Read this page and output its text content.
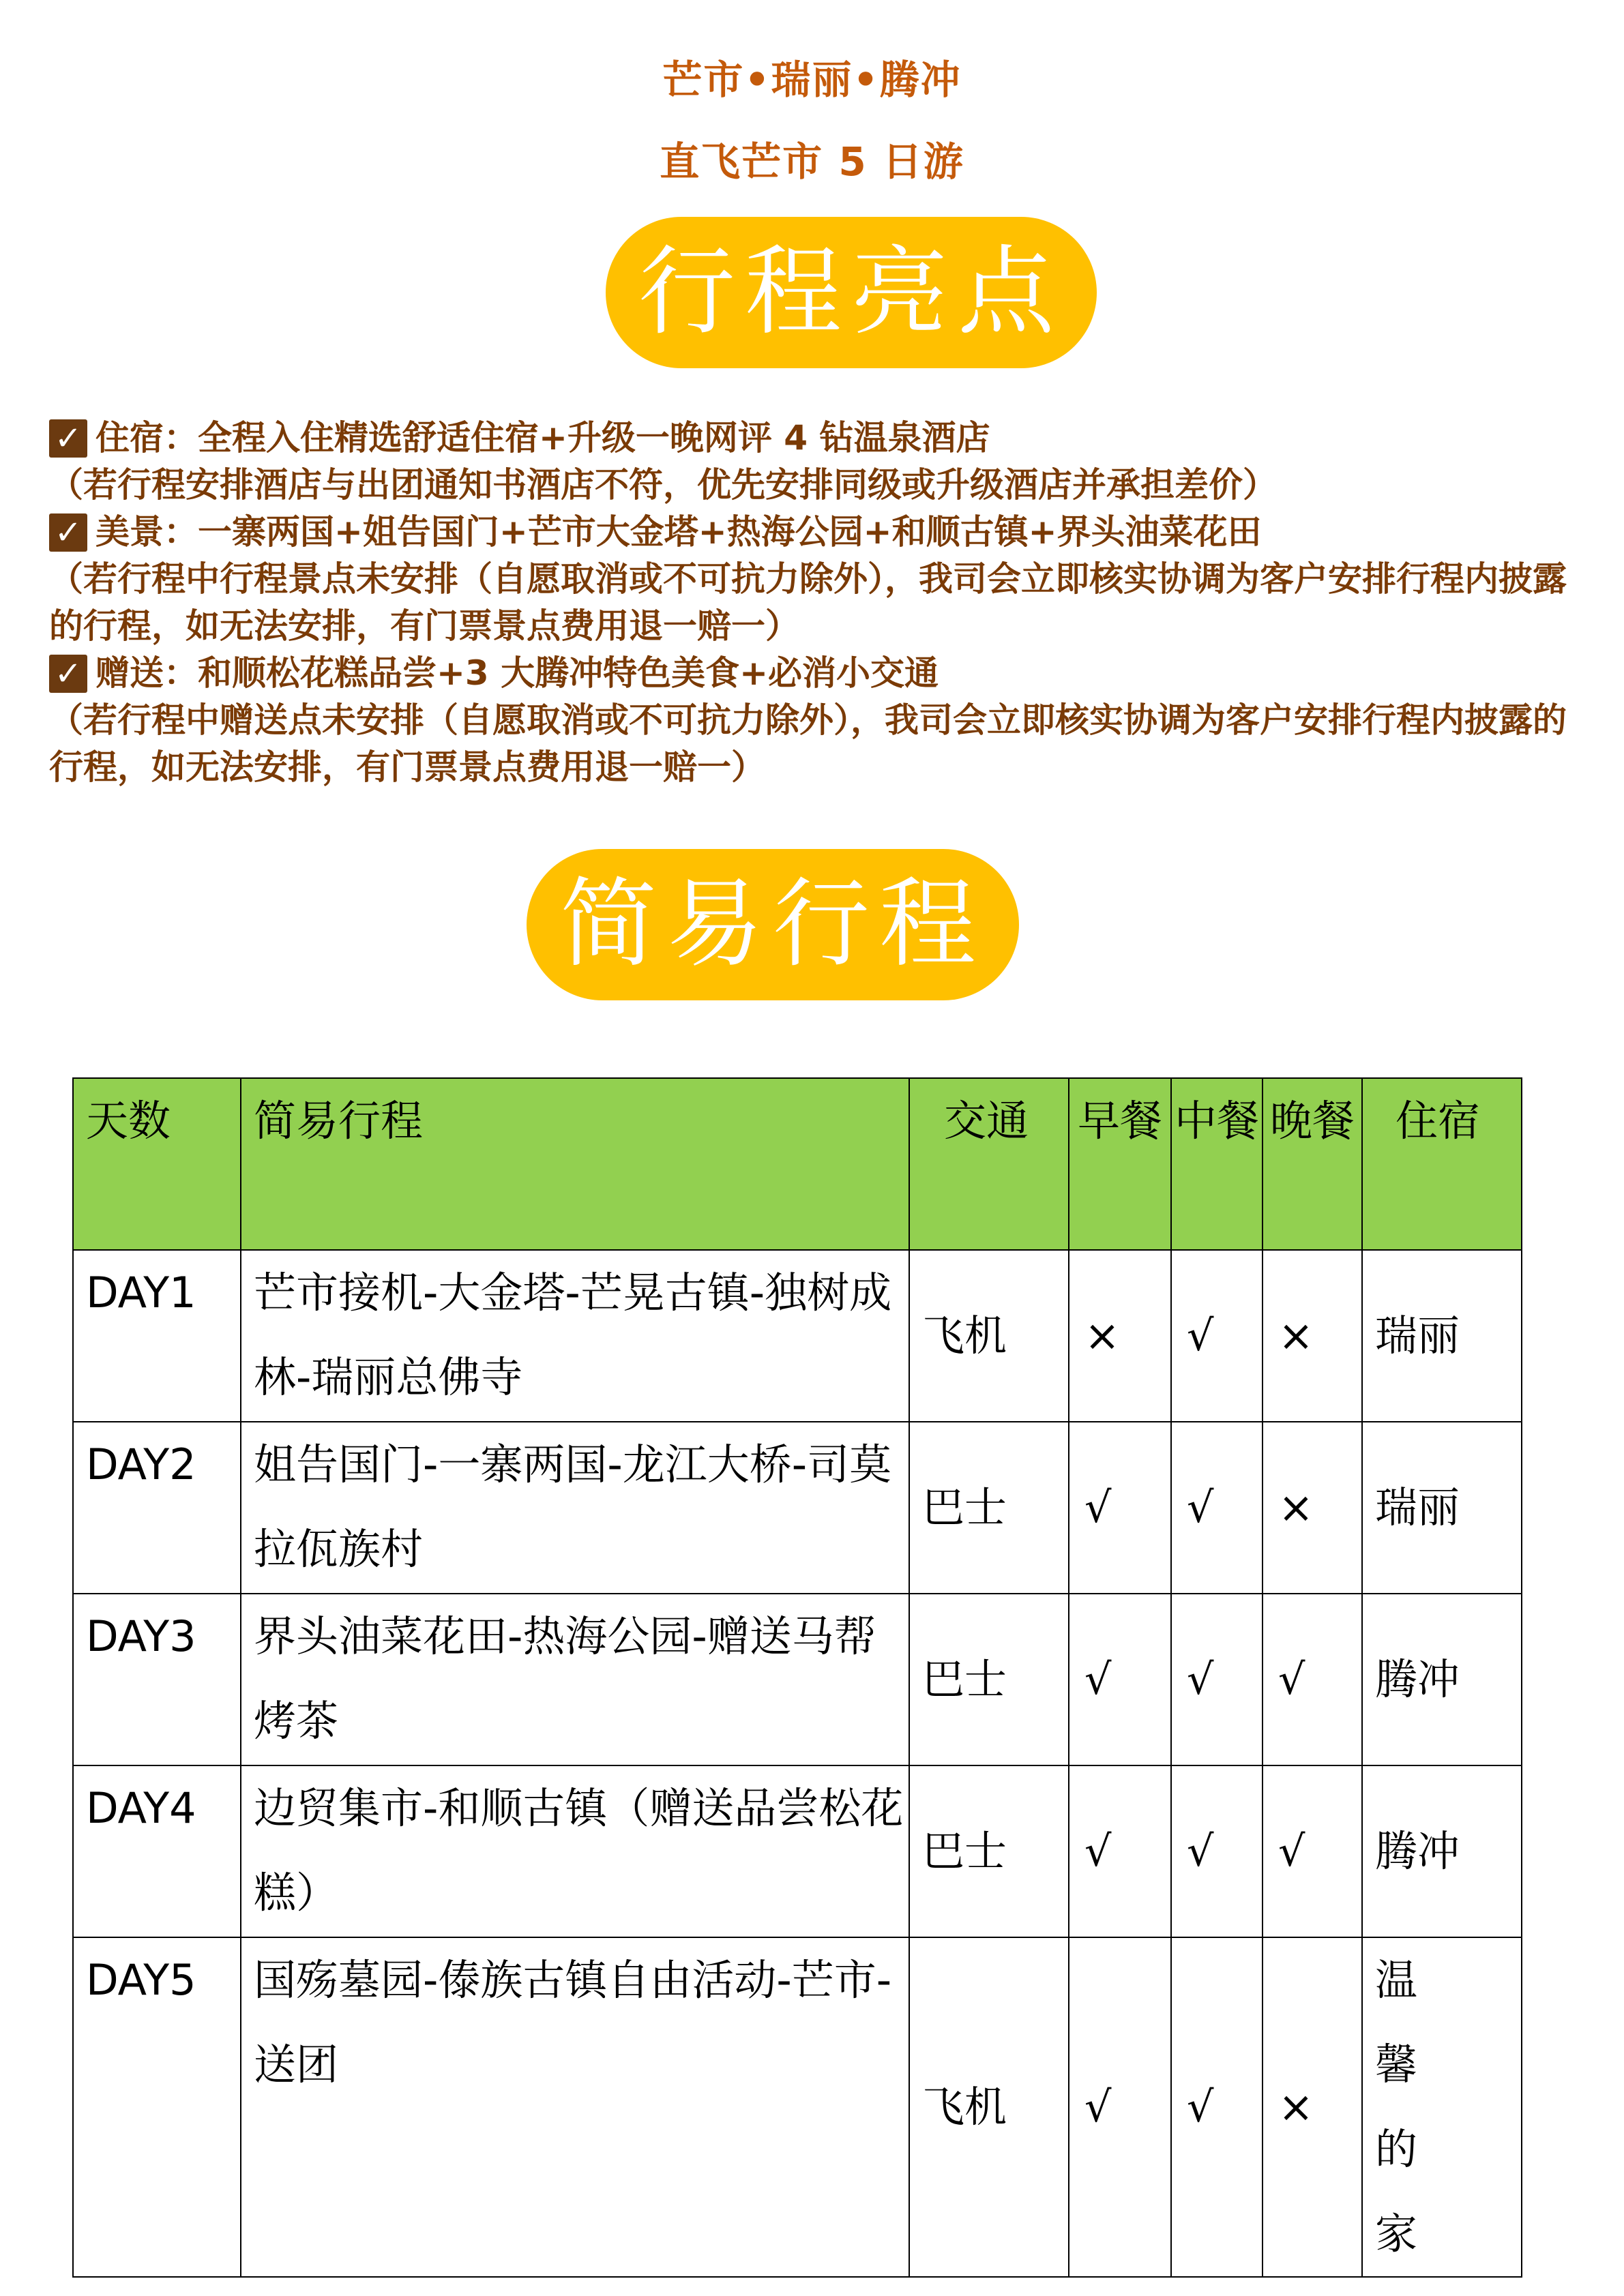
芒市•瑞丽•腾冲
直飞芒市 5 日游
行程亮点

✓ 住宿：全程入住精选舒适住宿+升级一晚网评 4 钻温泉酒店

（若行程安排酒店与出团通知书酒店不符，优先安排同级或升级酒店并承担差价）

✓ 美景：一寨两国+姐告国门+芒市大金塔+热海公园+和顺古镇+界头油菜花田

（若行程中行程景点未安排（自愿取消或不可抗力除外），我司会立即核实协调为客户安排行程内披露的行程，如无法安排，有门票景点费用退一赔一）

✓ 赠送：和顺松花糕品尝+3 大腾冲特色美食+必消小交通

（若行程中赠送点未安排（自愿取消或不可抗力除外），我司会立即核实协调为客户安排行程内披露的行程，如无法安排，有门票景点费用退一赔一）

简易行程
天数	简易行程	交通	早餐	中餐	晚餐	住宿
DAY1	芒市接机-大金塔-芒晃古镇-独树成林-瑞丽总佛寺	飞机	×	√	×	瑞丽
DAY2	姐告国门-一寨两国-龙江大桥-司莫拉佤族村	巴士	√	√	×	瑞丽
DAY3	界头油菜花田-热海公园-赠送马帮烤茶	巴士	√	√	√	腾冲
DAY4	边贸集市-和顺古镇（赠送品尝松花糕）	巴士	√	√	√	腾冲
DAY5	国殇墓园-傣族古镇自由活动-芒市-送团	飞机	√	√	×	温馨的家
